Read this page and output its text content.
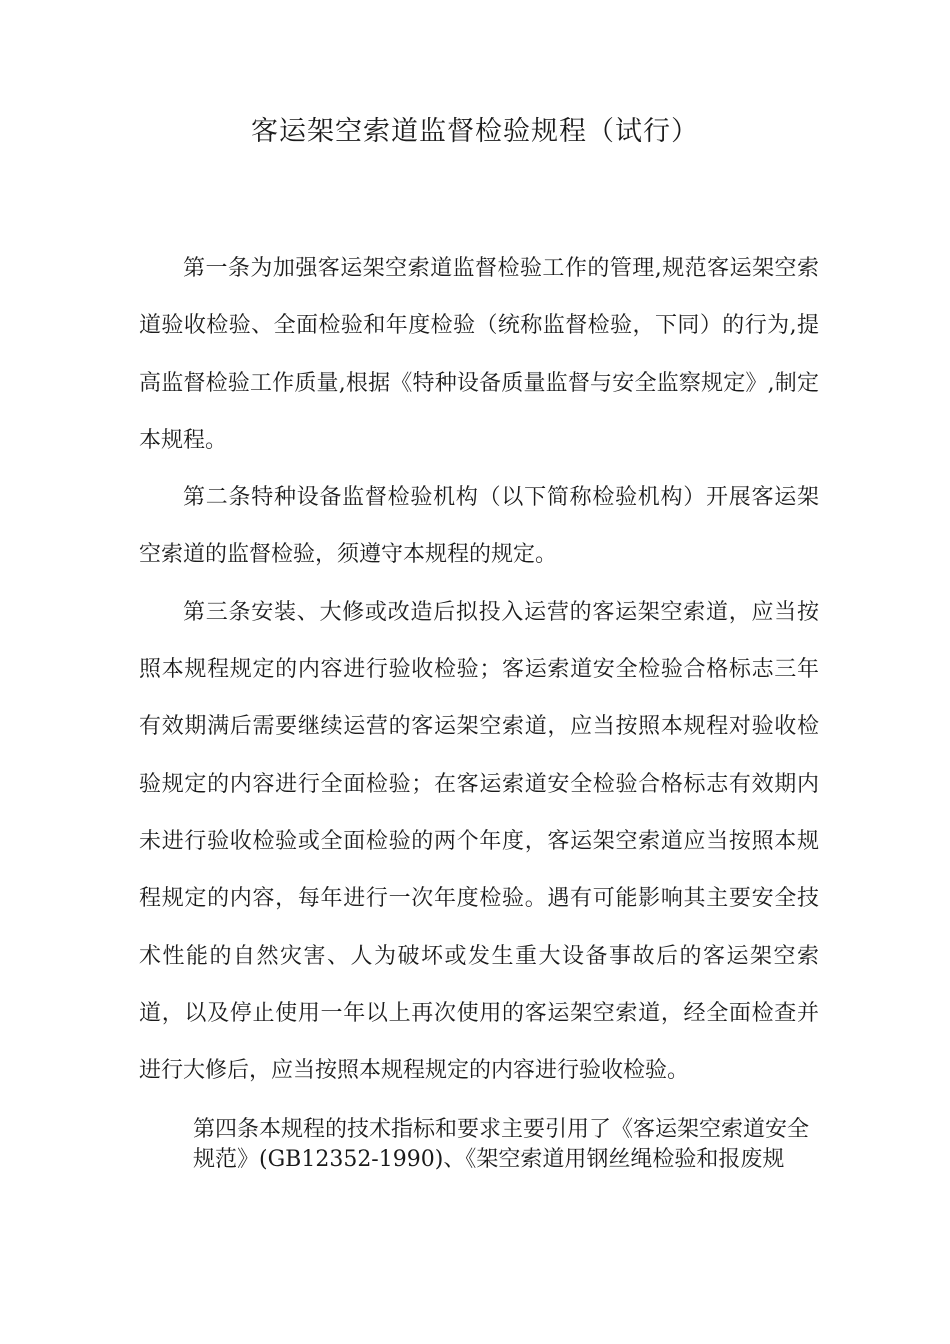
客运架空索道监督检验规程（试行）

第一条为加强客运架空索道监督检验工作的管理,规范客运架空索道验收检验、全面检验和年度检验（统称监督检验，下同）的行为,提高监督检验工作质量,根据《特种设备质量监督与安全监察规定》,制定本规程。

第二条特种设备监督检验机构（以下简称检验机构）开展客运架空索道的监督检验，须遵守本规程的规定。

第三条安装、大修或改造后拟投入运营的客运架空索道，应当按照本规程规定的内容进行验收检验；客运索道安全检验合格标志三年有效期满后需要继续运营的客运架空索道，应当按照本规程对验收检验规定的内容进行全面检验；在客运索道安全检验合格标志有效期内未进行验收检验或全面检验的两个年度，客运架空索道应当按照本规程规定的内容，每年进行一次年度检验。遇有可能影响其主要安全技术性能的自然灾害、人为破坏或发生重大设备事故后的客运架空索道，以及停止使用一年以上再次使用的客运架空索道，经全面检查并进行大修后，应当按照本规程规定的内容进行验收检验。

第四条本规程的技术指标和要求主要引用了《客运架空索道安全规范》(GB12352-1990)、《架空索道用钢丝绳检验和报废规
